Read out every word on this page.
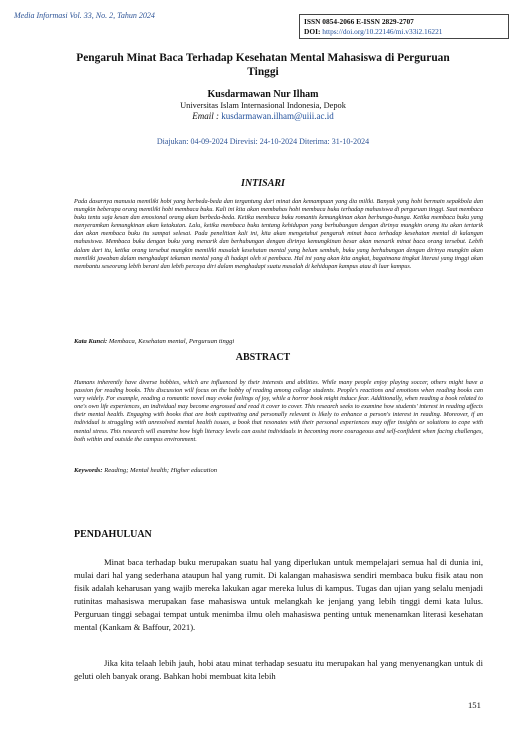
Media Informasi Vol. 33, No. 2, Tahun 2024
ISSN 0854-2066 E-ISSN 2829-2707
DOI: https://doi.org/10.22146/mi.v33i2.16221
Pengaruh Minat Baca Terhadap Kesehatan Mental Mahasiswa di Perguruan Tinggi
Kusdarmawan Nur Ilham
Universitas Islam Internasional Indonesia, Depok
Email : kusdarmawan.ilham@uiii.ac.id
Diajukan: 04-09-2024 Direvisi: 24-10-2024 Diterima: 31-10-2024
INTISARI
Pada dasarnya manusia memiliki hobi yang berbeda-beda dan tergantung dari minat dan kemampuan yang dia miliki. Banyak yang hobi bermain sepakbola dan mungkin beberapa orang memiliki hobi membaca buku. Kali ini kita akan membahas hobi membaca buku terhadap mahasiswa di perguruan tinggi. Saat membaca buku tentu saja kesan dan emosional orang akan berbeda-beda. Ketika membaca buku romantis kemungkinan akan berbunga-bunga. Ketika membaca buku yang menyeramkan kemungkinan akan ketakutan. Lalu, ketika membaca buku tentang kehidupan yang berhubungan dengan dirinya mungkin orang itu akan tertarik dan akan membaca buku itu sampai selesai. Pada penelitian kali ini, kita akan mengetahui pengaruh minat baca terhadap kesehatan mental di kalangan mahasiswa. Membaca buku dengan buku yang menarik dan berhubungan dengan dirinya kemungkinan besar akan menarik minat baca orang tersebut. Lebih dalam dari itu, ketika orang tersebut mungkin memiliki masalah kesehatan mental yang belum sembuh, buku yang berhubungan dengan dirinya mungkin akan memiliki jawaban dalam menghadapi tekanan mental yang di hadapi oleh si pembaca. Hal ini yang akan kita angkat, bagaimana tingkat literasi yang tinggi akan membantu seseorang lebih berani dan lebih percaya diri dalam menghadapi suatu masalah di kehidupan kampus atau di luar kampus.
Kata Kunci: Membaca, Kesehatan mental, Perguruan tinggi
ABSTRACT
Humans inherently have diverse hobbies, which are influenced by their interests and abilities. While many people enjoy playing soccer, others might have a passion for reading books. This discussion will focus on the hobby of reading among college students. People's reactions and emotions when reading books can vary widely. For example, reading a romantic novel may evoke feelings of joy, while a horror book might induce fear. Additionally, when reading a book related to one's own life experiences, an individual may become engrossed and read it cover to cover. This research seeks to examine how students' interest in reading affects their mental health. Engaging with books that are both captivating and personally relevant is likely to enhance a person's interest in reading. Moreover, if an individual is struggling with unresolved mental health issues, a book that resonates with their personal experiences may offer insights or solutions to cope with mental stress. This research will examine how high literacy levels can assist individuals in becoming more courageous and self-confident when facing challenges, both within and outside the campus environment.
Keywords: Reading; Mental health; Higher education
PENDAHULUAN
Minat baca terhadap buku merupakan suatu hal yang diperlukan untuk mempelajari semua hal di dunia ini, mulai dari hal yang sederhana ataupun hal yang rumit. Di kalangan mahasiswa sendiri membaca buku fisik atau non fisik adalah keharusan yang wajib mereka lakukan agar mereka lulus di kampus. Tugas dan ujian yang selalu menjadi rutinitas mahasiswa merupakan fase mahasiswa untuk melangkah ke jenjang yang lebih tinggi demi kata lulus. Perguruan tinggi sebagai tempat untuk menimba ilmu oleh mahasiswa penting untuk menenamkan literasi kesehatan mental (Kankam & Baffour, 2021).
Jika kita telaah lebih jauh, hobi atau minat terhadap sesuatu itu merupakan hal yang menyenangkan untuk di geluti oleh banyak orang. Bahkan hobi membuat kita lebih
151
